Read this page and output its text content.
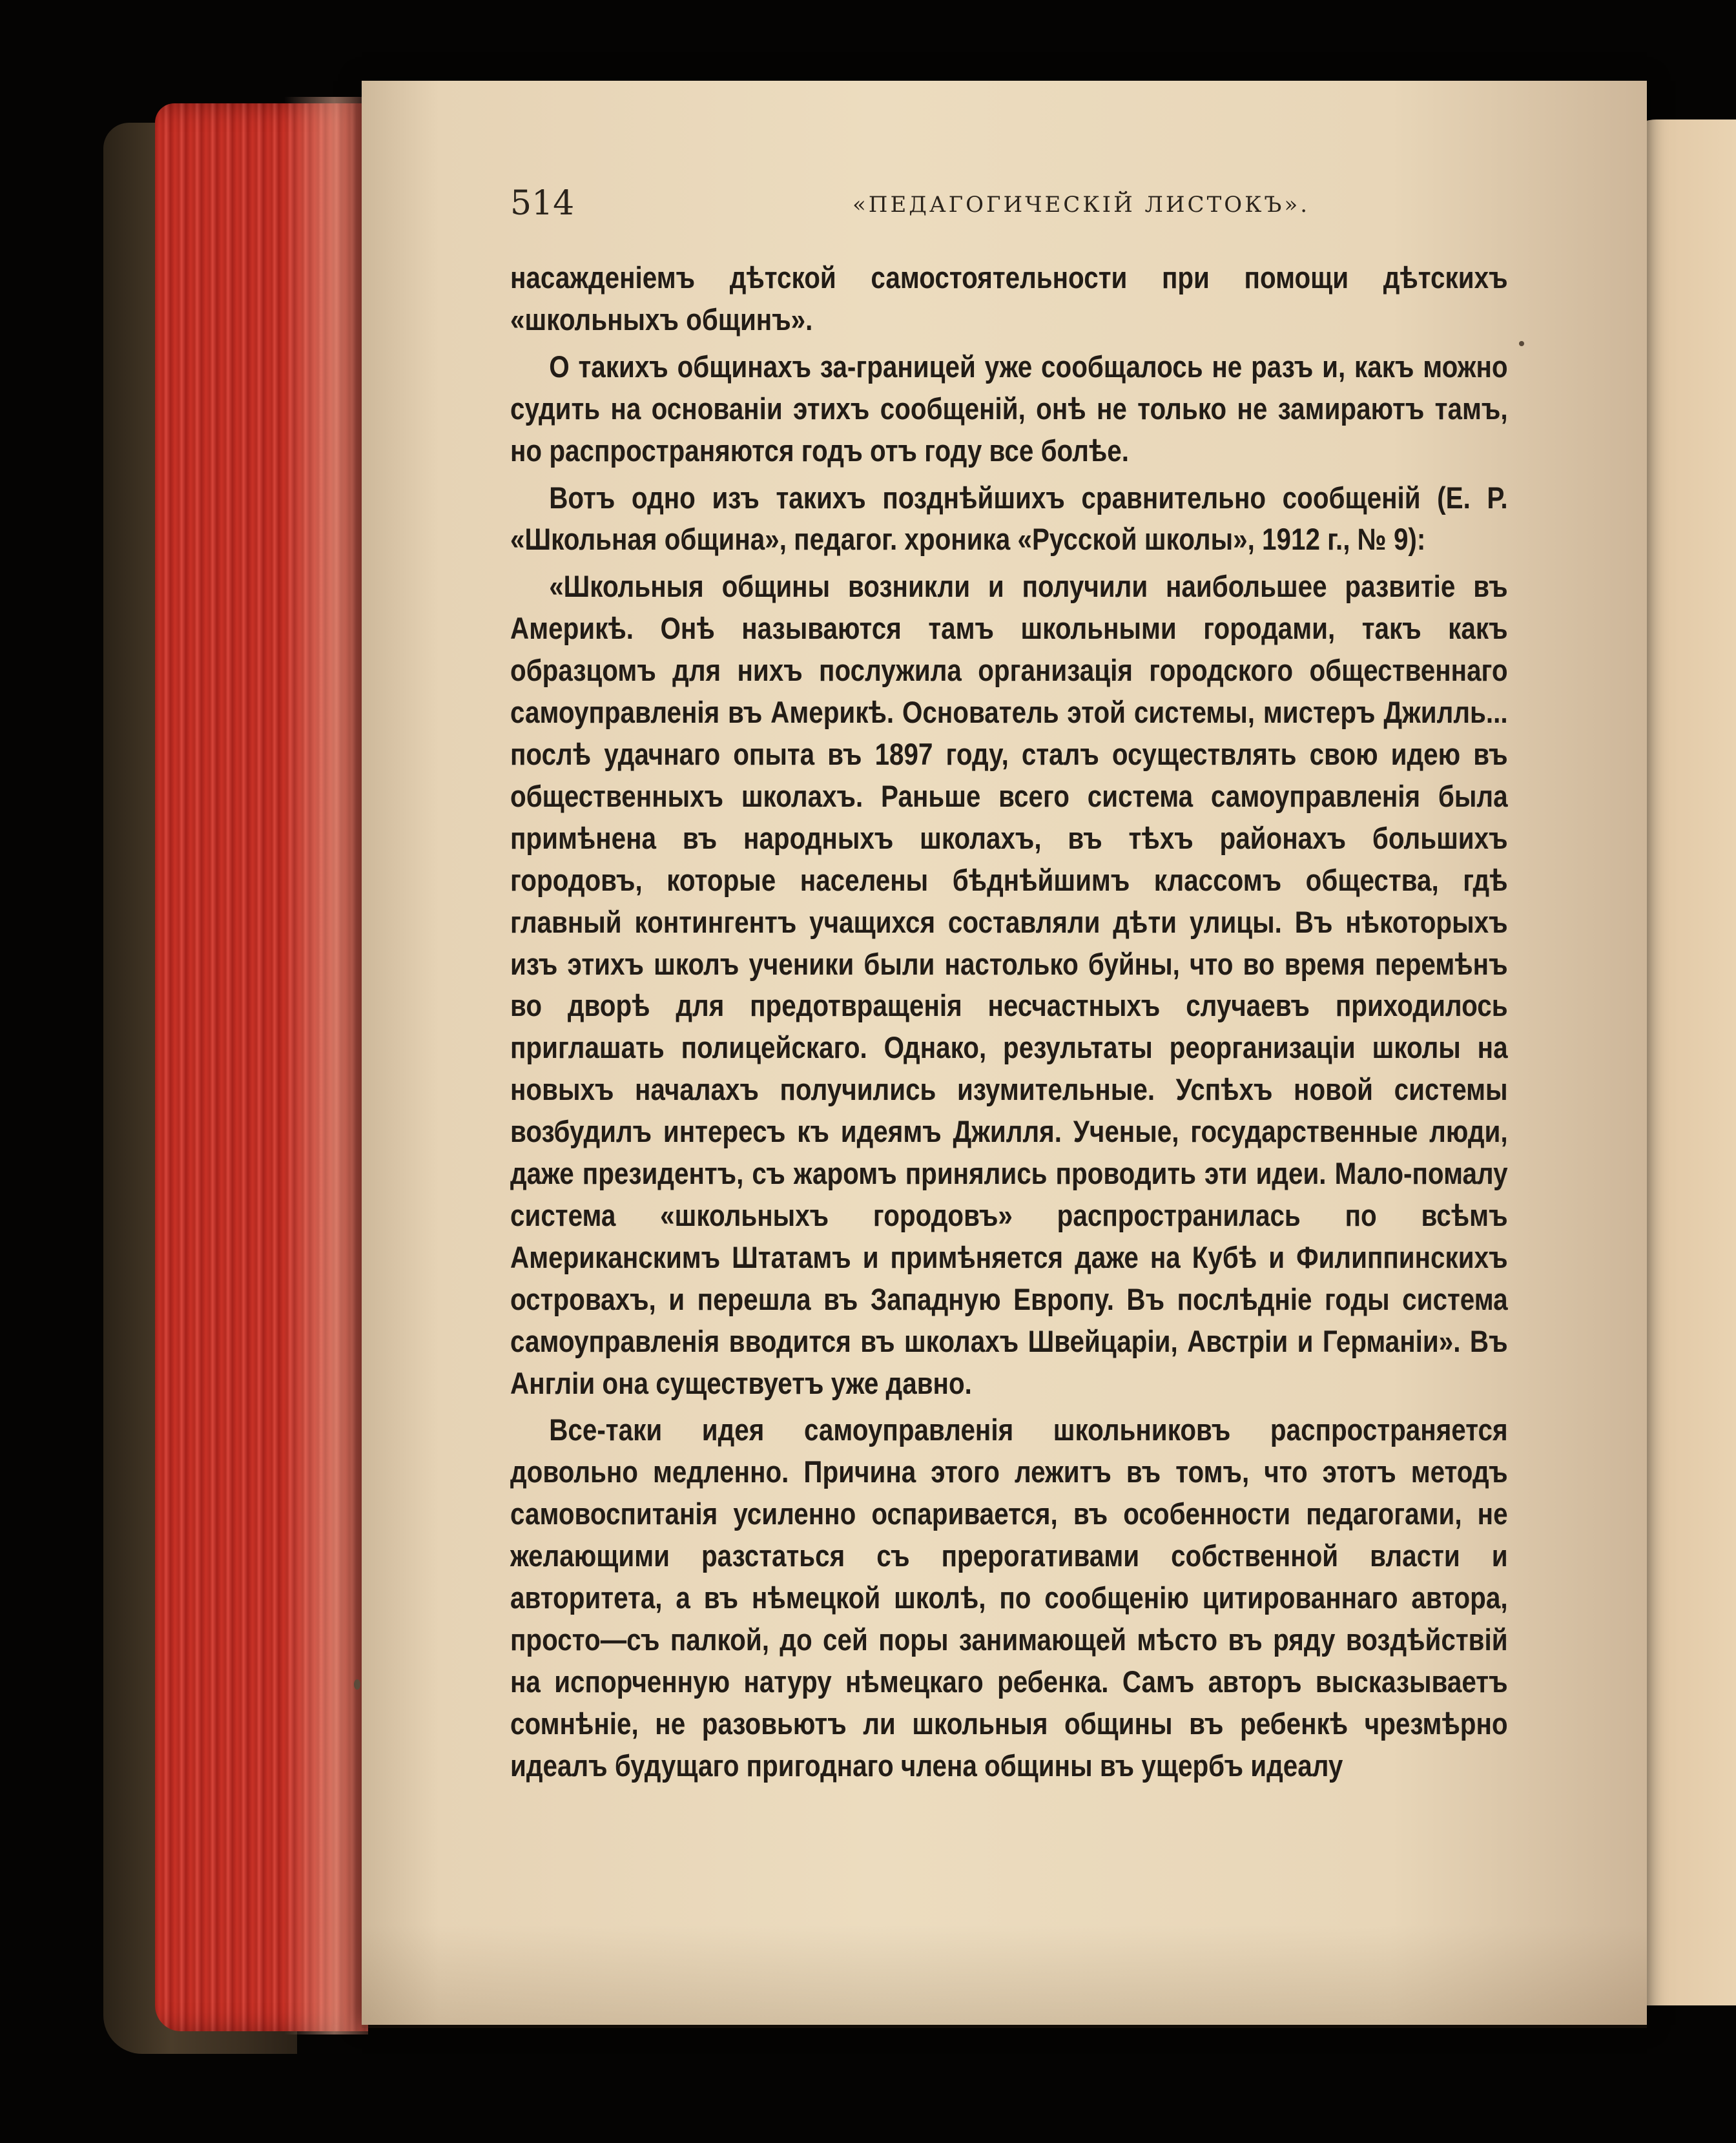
514	«ПЕДАГОГИЧЕСКІЙ ЛИСТОКЪ».

насажденіемъ дѣтской самостоятельности при помощи дѣтскихъ «школьныхъ общинъ».

О такихъ общинахъ за-границей уже сообщалось не разъ и, какъ можно судить на основаніи этихъ сообщеній, онѣ не только не замираютъ тамъ, но распространяются годъ отъ году все болѣе.

Вотъ одно изъ такихъ позднѣйшихъ сравнительно сообщеній (Е. Р. «Школьная община», педагог. хроника «Русской школы», 1912 г., № 9):

«Школьныя общины возникли и получили наибольшее развитіе въ Америкѣ. Онѣ называются тамъ школьными городами, такъ какъ образцомъ для нихъ послужила организація городского общественнаго самоуправленія въ Америкѣ. Основатель этой системы, мистеръ Джилль... послѣ удачнаго опыта въ 1897 году, сталъ осуществлять свою идею въ общественныхъ школахъ. Раньше всего система самоуправленія была примѣнена въ народныхъ школахъ, въ тѣхъ районахъ большихъ городовъ, которые населены бѣднѣйшимъ классомъ общества, гдѣ главный контингентъ учащихся составляли дѣти улицы. Въ нѣкоторыхъ изъ этихъ школъ ученики были настолько буйны, что во время перемѣнъ во дворѣ для предотвращенія несчастныхъ случаевъ приходилось приглашать полицейскаго. Однако, результаты реорганизаціи школы на новыхъ началахъ получились изумительные. Успѣхъ новой системы возбудилъ интересъ къ идеямъ Джилля. Ученые, государственные люди, даже президентъ, съ жаромъ принялись проводить эти идеи. Мало-помалу система «школьныхъ городовъ» распространилась по всѣмъ Американскимъ Штатамъ и примѣняется даже на Кубѣ и Филиппинскихъ островахъ, и перешла въ Западную Европу. Въ послѣдніе годы система самоуправленія вводится въ школахъ Швейцаріи, Австріи и Германіи». Въ Англіи она существуетъ уже давно.

Все-таки идея самоуправленія школьниковъ распространяется довольно медленно. Причина этого лежитъ въ томъ, что этотъ методъ самовоспитанія усиленно оспаривается, въ особенности педагогами, не желающими разстаться съ прерогативами собственной власти и авторитета, а въ нѣмецкой школѣ, по сообщенію цитированнаго автора, просто—съ палкой, до сей поры занимающей мѣсто въ ряду воздѣйствій на испорченную натуру нѣмецкаго ребенка. Самъ авторъ высказываетъ сомнѣніе, не разовьютъ ли школьныя общины въ ребенкѣ чрезмѣрно идеалъ будущаго пригоднаго члена общины въ ущербъ идеалу
